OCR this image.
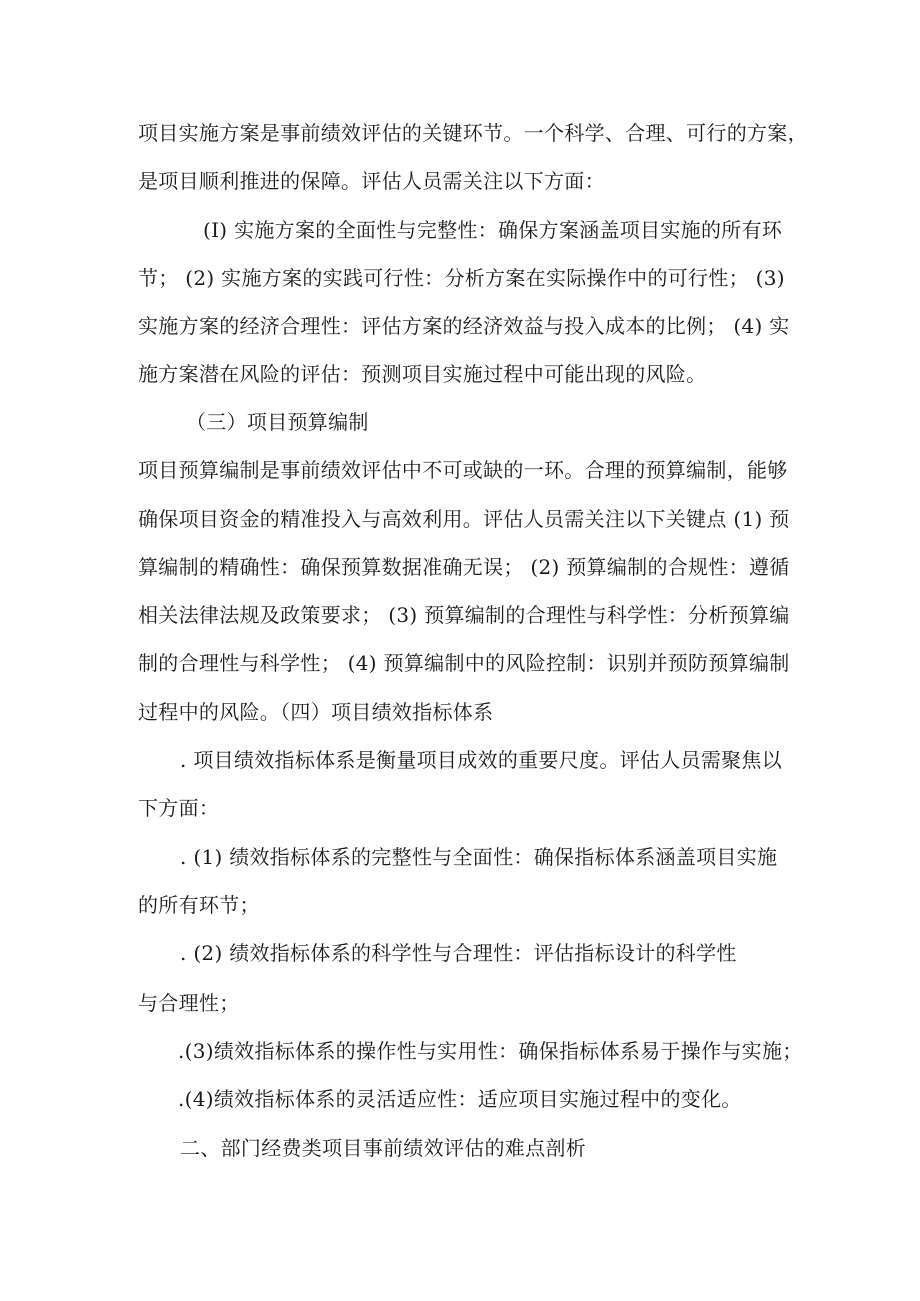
项目实施方案是事前绩效评估的关键环节。一个科学、合理、可行的方案，
是项目顺利推进的保障。评估人员需关注以下方面：
(I) 实施方案的全面性与完整性：确保方案涵盖项目实施的所有环
节； (2) 实施方案的实践可行性：分析方案在实际操作中的可行性； (3)
实施方案的经济合理性：评估方案的经济效益与投入成本的比例； (4) 实
施方案潜在风险的评估：预测项目实施过程中可能出现的风险。
（三）项目预算编制
项目预算编制是事前绩效评估中不可或缺的一环。合理的预算编制，能够
确保项目资金的精准投入与高效利用。评估人员需关注以下关键点 (1) 预
算编制的精确性：确保预算数据准确无误； (2) 预算编制的合规性：遵循
相关法律法规及政策要求； (3) 预算编制的合理性与科学性：分析预算编
制的合理性与科学性； (4) 预算编制中的风险控制：识别并预防预算编制
过程中的风险。（四）项目绩效指标体系
. 项目绩效指标体系是衡量项目成效的重要尺度。评估人员需聚焦以
下方面：
. (1) 绩效指标体系的完整性与全面性：确保指标体系涵盖项目实施
的所有环节；
. (2) 绩效指标体系的科学性与合理性：评估指标设计的科学性
与合理性；
.(3)绩效指标体系的操作性与实用性：确保指标体系易于操作与实施；
.(4)绩效指标体系的灵活适应性：适应项目实施过程中的变化。
二、部门经费类项目事前绩效评估的难点剖析
